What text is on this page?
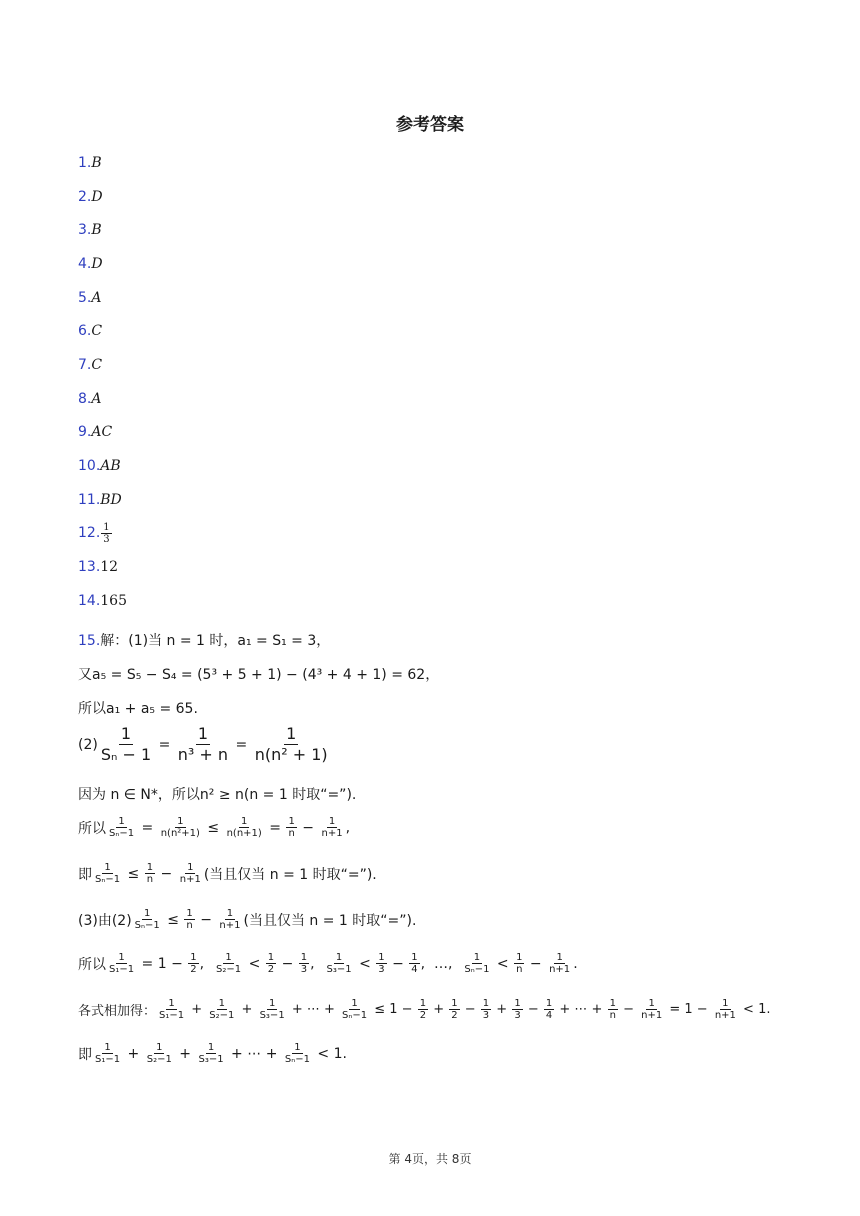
参考答案
1. B
2. D
3. B
4. D
5. A
6. C
7. C
8. A
9. AC
10. AB
11. BD
12. $\frac{1}{3}$
13. 12
14. 165
15.解：(1)当 n = 1 时，a₁ = S₁ = 3，
又a₅ = S₅ − S₄ = (5³ + 5 + 1) − (4³ + 4 + 1) = 62，
所以a₁ + a₅ = 65.
$(2) \frac{1}{\text{Sₙ − 1}} = \frac{1}{\text{n³ + n}} = \frac{1}{\text{n(n² + 1)}}$
因为 n ∈ N*，所以n² ≥ n(n = 1 时取“=”).
所以 $\frac{1}{\text{Sₙ−1}} = \frac{1}{\text{n(n²+1)}} \le \frac{1}{n(n+1)} = \frac{1}{n} - \frac{1}{n+1}$ ,
即 $\frac{1}{\text{Sₙ−1}} \le \frac{1}{n} - \frac{1}{n+1}$ (当且仅当 n = 1 时取“=”).
(3)由$(2) \frac{1}{\text{Sₙ−1}} \le \frac{1}{n} - \frac{1}{n+1}$ (当且仅当 n = 1 时取“=”).
所以 $\frac{1}{\text{S₁−1}} = 1 - \frac{1}{2}$ , $\frac{1}{\text{S₂−1}} < \frac{1}{2} - \frac{1}{3}$ , $\frac{1}{\text{S₃−1}} < \frac{1}{3} - \frac{1}{4}$ ,  …, $\frac{1}{\text{Sₙ−1}} < \frac{1}{n} - \frac{1}{n+1}$ .
各式相加得： $\frac{1}{\text{S₁−1}} + \frac{1}{\text{S₂−1}} + \frac{1}{\text{S₃−1}}$ + ⋯ + $\frac{1}{\text{Sₙ−1}} \le 1 - \frac{1}{2} + \frac{1}{2} - \frac{1}{3} + \frac{1}{3} - \frac{1}{4}$ + ⋯ + $\frac{1}{n} - \frac{1}{n+1} = 1 - \frac{1}{n+1} < 1$.
即 $\frac{1}{\text{S₁−1}} + \frac{1}{\text{S₂−1}} + \frac{1}{\text{S₃−1}}$ + ⋯ + $\frac{1}{\text{Sₙ−1}} < 1$.
第 4页，共 8页
